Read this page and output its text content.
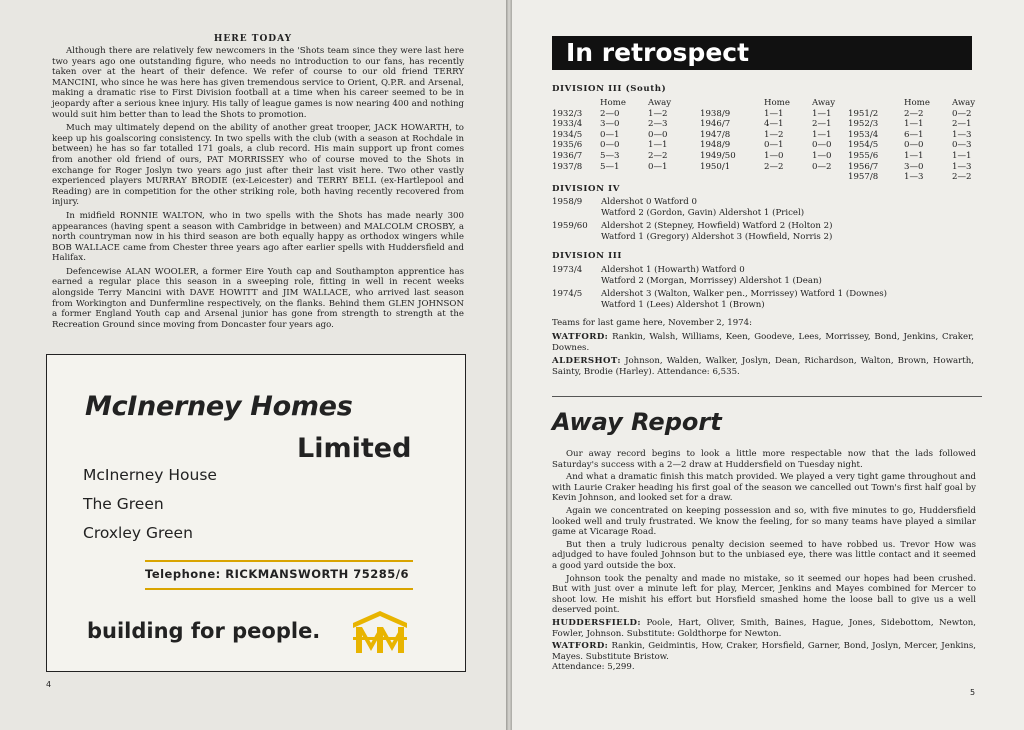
HERE TODAY

Although there are relatively few newcomers in the 'Shots team since they were last here two years ago one outstanding figure, who needs no introduction to our fans, has recently taken over at the heart of their defence. We refer of course to our old friend TERRY MANCINI, who since he was here has given tremendous service to Orient, Q.P.R. and Arsenal, making a dramatic rise to First Division football at a time when his career seemed to be in jeopardy after a serious knee injury. His tally of league games is now nearing 400 and nothing would suit him better than to lead the Shots to promotion.

Much may ultimately depend on the ability of another great trooper, JACK HOWARTH, to keep up his goalscoring consistency. In two spells with the club (with a season at Rochdale in between) he has so far totalled 171 goals, a club record. His main support up front comes from another old friend of ours, PAT MORRISSEY who of course moved to the Shots in exchange for Roger Joslyn two years ago just after their last visit here. Two other vastly experienced players MURRAY BRODIE (ex-Leicester) and TERRY BELL (ex-Hartlepool and Reading) are in competition for the other striking role, both having recently recovered from injury.

In midfield RONNIE WALTON, who in two spells with the Shots has made nearly 300 appearances (having spent a season with Cambridge in between) and MALCOLM CROSBY, a north countryman now in his third season are both equally happy as orthodox wingers while BOB WALLACE came from Chester three years ago after earlier spells with Huddersfield and Halifax.

Defencewise ALAN WOOLER, a former Eire Youth cap and Southampton apprentice has earned a regular place this season in a sweeping role, fitting in well in recent weeks alongside Terry Mancini with DAVE HOWITT and JIM WALLACE, who arrived last season from Workington and Dunfermline respectively, on the flanks. Behind them GLEN JOHNSON a former England Youth cap and Arsenal junior has gone from strength to strength at the Recreation Ground since moving from Doncaster four years ago.

McInerney Homes
Limited
McInerney House
The Green
Croxley Green
Telephone: RICKMANSWORTH 75285/6
building for people.
4
In retrospect
DIVISION III (South)
Home	Away
1932/3	2—0	1—2
1933/4	3—0	2—3
1934/5	0—1	0—0
1935/6	0—0	1—1
1936/7	5—3	2—2
1937/8	5—1	0—1
Home	Away
1938/9	1—1	1—1
1946/7	4—1	2—1
1947/8	1—2	1—1
1948/9	0—1	0—0
1949/50	1—0	1—0
1950/1	2—2	0—2
Home	Away
1951/2	2—2	0—2
1952/3	1—1	2—1
1953/4	6—1	1—3
1954/5	0—0	0—3
1955/6	1—1	1—1
1956/7	3—0	1—3
1957/8	1—3	2—2
DIVISION IV
1958/9 Aldershot 0 Watford 0
Watford 2 (Gordon, Gavin) Aldershot 1 (Pricel)
1959/60 Aldershot 2 (Stepney, Howfield) Watford 2 (Holton 2)
Watford 1 (Gregory) Aldershot 3 (Howfield, Norris 2)
DIVISION III
1973/4 Aldershot 1 (Howarth) Watford 0
Watford 2 (Morgan, Morrissey) Aldershot 1 (Dean)
1974/5 Aldershot 3 (Walton, Walker pen., Morrissey) Watford 1 (Downes)
Watford 1 (Lees) Aldershot 1 (Brown)

Teams for last game here, November 2, 1974:

WATFORD: Rankin, Walsh, Williams, Keen, Goodeve, Lees, Morrissey, Bond, Jenkins, Craker, Downes.

ALDERSHOT: Johnson, Walden, Walker, Joslyn, Dean, Richardson, Walton, Brown, Howarth, Sainty, Brodie (Harley). Attendance: 6,535.

Away Report

Our away record begins to look a little more respectable now that the lads followed Saturday's success with a 2—2 draw at Huddersfield on Tuesday night.

And what a dramatic finish this match provided. We played a very tight game throughout and with Laurie Craker heading his first goal of the season we cancelled out Town's first half goal by Kevin Johnson, and looked set for a draw.

Again we concentrated on keeping possession and so, with five minutes to go, Huddersfield looked well and truly frustrated. We know the feeling, for so many teams have played a similar game at Vicarage Road.

But then a truly ludicrous penalty decision seemed to have robbed us. Trevor How was adjudged to have fouled Johnson but to the unbiased eye, there was little contact and it seemed a good yard outside the box.

Johnson took the penalty and made no mistake, so it seemed our hopes had been crushed. But with just over a minute left for play, Mercer, Jenkins and Mayes combined for Mercer to shoot low. He mishit his effort but Horsfield smashed home the loose ball to give us a well deserved point.

HUDDERSFIELD: Poole, Hart, Oliver, Smith, Baines, Hague, Jones, Sidebottom, Newton, Fowler, Johnson. Substitute: Goldthorpe for Newton.

WATFORD: Rankin, Geidmintis, How, Craker, Horsfield, Garner, Bond, Joslyn, Mercer, Jenkins, Mayes. Substitute Bristow.

Attendance: 5,299.

5
